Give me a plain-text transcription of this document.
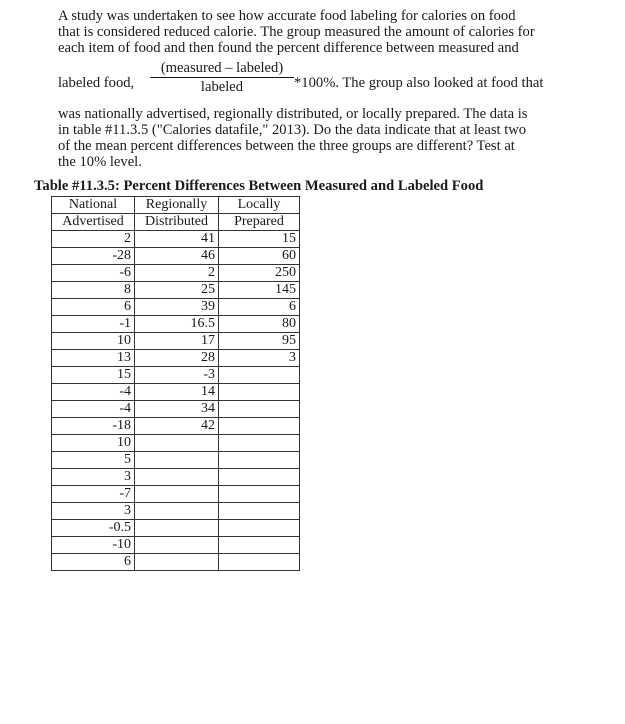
A study was undertaken to see how accurate food labeling for calories on food
that is considered reduced calorie. The group measured the amount of calories for
each item of food and then found the percent difference between measured and
labeled food,
(measured – labeled)
labeled	*100%. The group also looked at food that
was nationally advertised, regionally distributed, or locally prepared. The data is
in table #11.3.5 ("Calories datafile," 2013). Do the data indicate that at least two
of the mean percent differences between the three groups are different? Test at
the 10% level.
Table #11.3.5: Percent Differences Between Measured and Labeled Food
National	Regionally	Locally
Advertised	Distributed	Prepared
2	41	15
-28	46	60
-6	2	250
8	25	145
6	39	6
-1	16.5	80
10	17	95
13	28	3
15	-3	
-4	14	
-4	34	
-18	42	
10		
5		
3		
-7		
3		
-0.5		
-10		
6		
